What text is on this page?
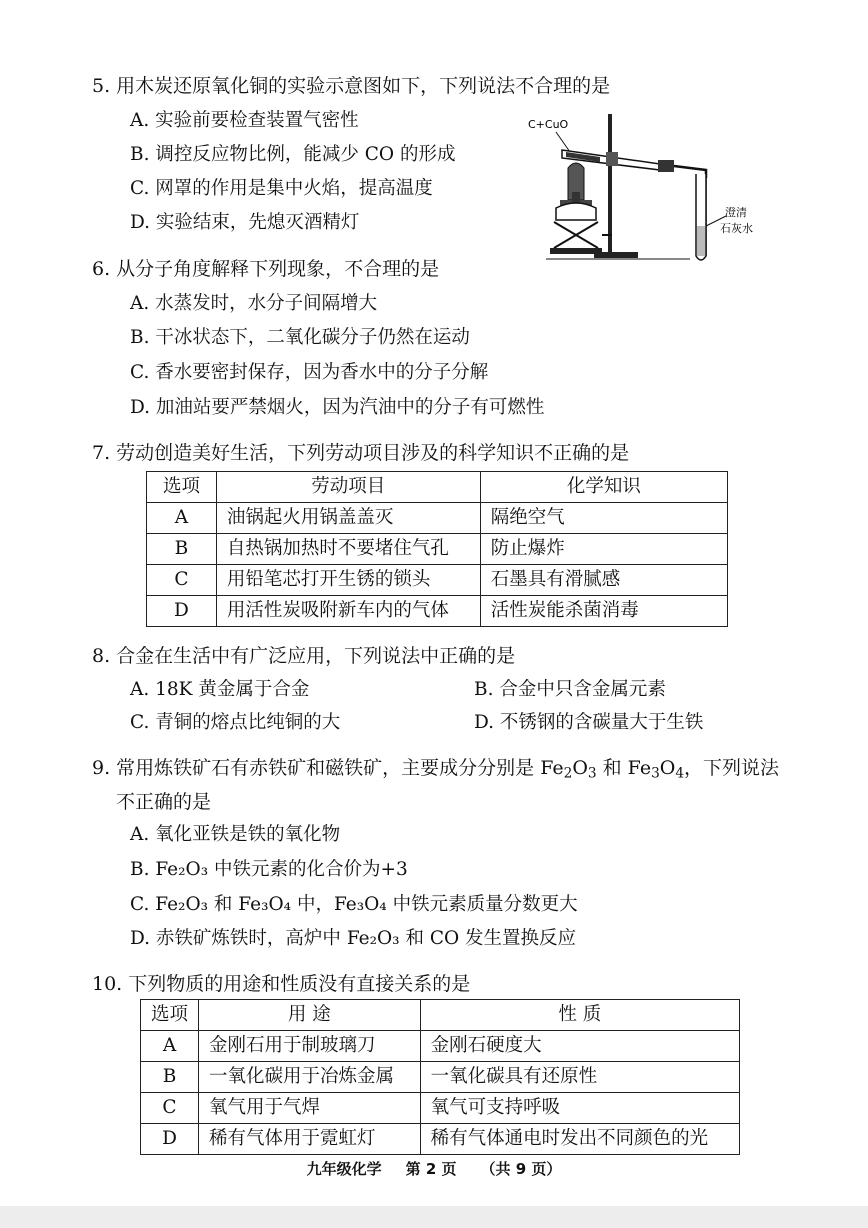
5. 用木炭还原氧化铜的实验示意图如下，下列说法不合理的是
A. 实验前要检查装置气密性
B. 调控反应物比例，能减少 CO 的形成
C. 网罩的作用是集中火焰，提高温度
D. 实验结束，先熄灭酒精灯
C+CuO
澄清
石灰水
6. 从分子角度解释下列现象，不合理的是
A. 水蒸发时，水分子间隔增大
B. 干冰状态下，二氧化碳分子仍然在运动
C. 香水要密封保存，因为香水中的分子分解
D. 加油站要严禁烟火，因为汽油中的分子有可燃性
7. 劳动创造美好生活，下列劳动项目涉及的科学知识不正确的是
选项	劳动项目	化学知识
A	油锅起火用锅盖盖灭	隔绝空气
B	自热锅加热时不要堵住气孔	防止爆炸
C	用铅笔芯打开生锈的锁头	石墨具有滑腻感
D	用活性炭吸附新车内的气体	活性炭能杀菌消毒
8. 合金在生活中有广泛应用，下列说法中正确的是
A. 18K 黄金属于合金	B. 合金中只含金属元素
C. 青铜的熔点比纯铜的大	D. 不锈钢的含碳量大于生铁
9. 常用炼铁矿石有赤铁矿和磁铁矿，主要成分分别是 $Fe_2O_3$ 和 $Fe_3O_4$，下列说法
不正确的是
A. 氧化亚铁是铁的氧化物
B. Fe₂O₃ 中铁元素的化合价为+3
C. Fe₂O₃ 和 Fe₃O₄ 中，Fe₃O₄ 中铁元素质量分数更大
D. 赤铁矿炼铁时，高炉中 Fe₂O₃ 和 CO 发生置换反应
10. 下列物质的用途和性质没有直接关系的是
选项	用 途	性 质
A	金刚石用于制玻璃刀	金刚石硬度大
B	一氧化碳用于冶炼金属	一氧化碳具有还原性
C	氧气用于气焊	氧气可支持呼吸
D	稀有气体用于霓虹灯	稀有气体通电时发出不同颜色的光
九年级化学 第 2 页 （共 9 页）
